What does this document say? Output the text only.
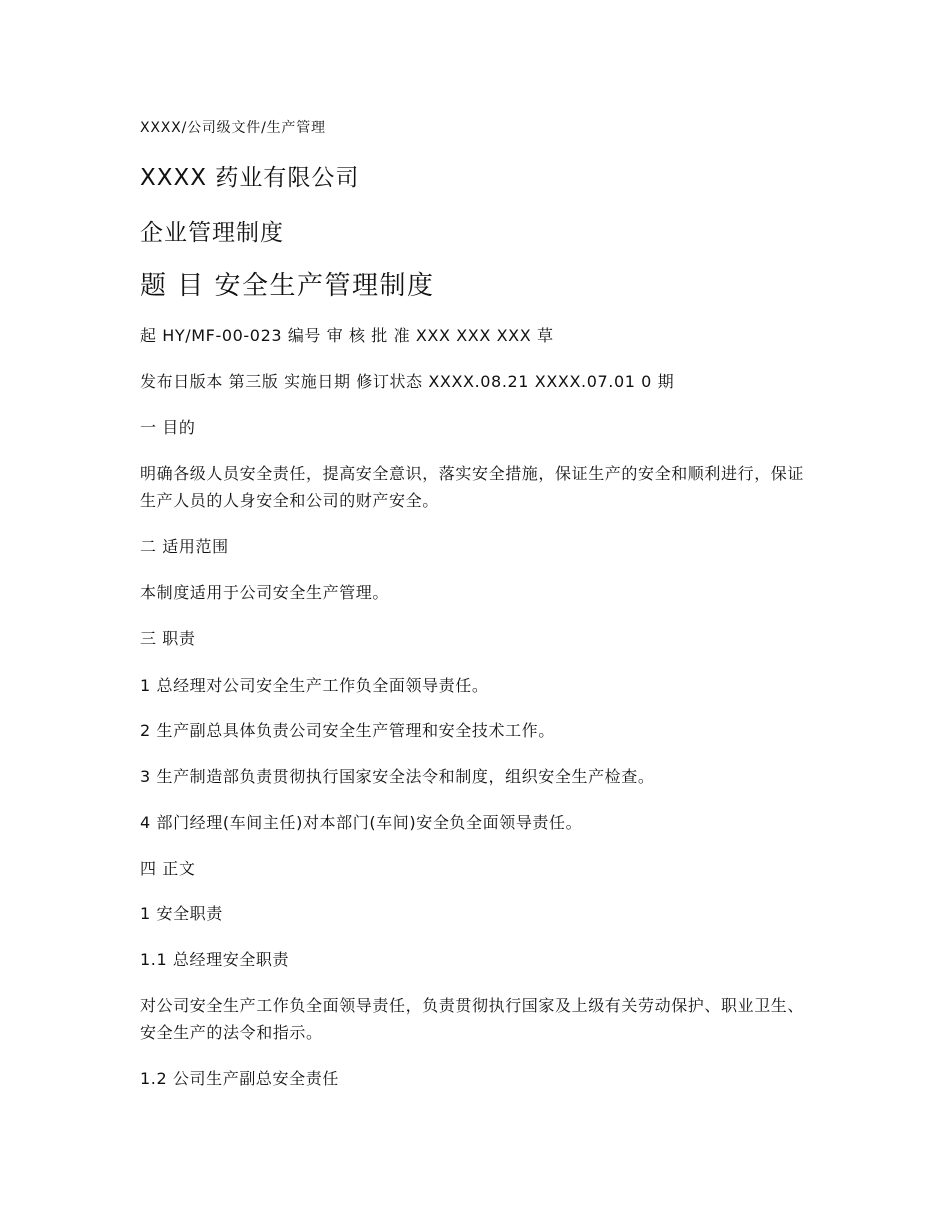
XXXX/公司级文件/生产管理
XXXX 药业有限公司
企业管理制度
题 目 安全生产管理制度
起 HY/MF-00-023 编号 审 核 批 准 XXX XXX XXX 草
发布日版本 第三版 实施日期 修订状态 XXXX.08.21 XXXX.07.01 0 期
一 目的
明确各级人员安全责任，提高安全意识，落实安全措施，保证生产的安全和顺利进行，保证生产人员的人身安全和公司的财产安全。
二 适用范围
本制度适用于公司安全生产管理。
三 职责
1 总经理对公司安全生产工作负全面领导责任。
2 生产副总具体负责公司安全生产管理和安全技术工作。
3 生产制造部负责贯彻执行国家安全法令和制度，组织安全生产检查。
4 部门经理(车间主任)对本部门(车间)安全负全面领导责任。
四 正文
1 安全职责
1.1 总经理安全职责
对公司安全生产工作负全面领导责任，负责贯彻执行国家及上级有关劳动保护、职业卫生、安全生产的法令和指示。
1.2 公司生产副总安全责任
